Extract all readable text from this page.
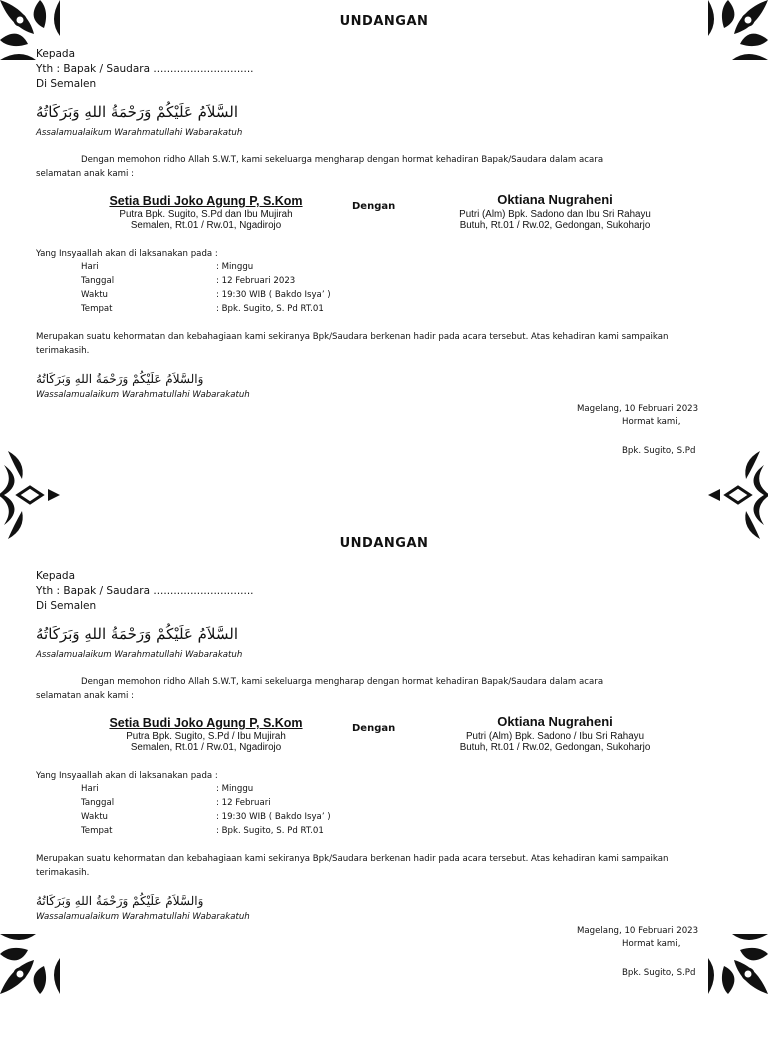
UNDANGAN
Kepada
Yth : Bapak / Saudara ..............................
Di Semalen
السَّلاَمُ عَلَيْكُمْ وَرَحْمَةُ اللهِ وَبَرَكَاتُهُ
Assalamualaikum Warahmatullahi Wabarakatuh
Dengan memohon ridho Allah S.W.T, kami sekeluarga mengharap dengan hormat kehadiran Bapak/Saudara dalam acara
selamatan anak kami :
Setia Budi Joko Agung P, S.Kom
Putra Bpk. Sugito, S.Pd dan Ibu Mujirah
Semalen, Rt.01 / Rw.01, Ngadirojo
Dengan	Oktiana Nugraheni
Putri (Alm) Bpk. Sadono dan Ibu Sri Rahayu
Butuh, Rt.01 / Rw.02, Gedongan, Sukoharjo
Yang Insyaallah akan di laksanakan pada :
Hari	: Minggu
Tanggal	: 12 Februari 2023
Waktu	: 19:30 WIB ( Bakdo Isya’ )
Tempat	: Bpk. Sugito, S. Pd RT.01
Merupakan suatu kehormatan dan kebahagiaan kami sekiranya Bpk/Saudara berkenan hadir pada acara tersebut. Atas kehadiran kami sampaikan
terimakasih.
وَالسَّلاَمُ عَلَيْكُمْ وَرَحْمَةُ اللهِ وَبَرَكَاتُهُ
Wassalamualaikum Warahmatullahi Wabarakatuh
Magelang, 10 Februari 2023
Hormat kami,
Bpk. Sugito, S.Pd
UNDANGAN
Kepada
Yth : Bapak / Saudara ..............................
Di Semalen
السَّلاَمُ عَلَيْكُمْ وَرَحْمَةُ اللهِ وَبَرَكَاتُهُ
Assalamualaikum Warahmatullahi Wabarakatuh
Dengan memohon ridho Allah S.W.T, kami sekeluarga mengharap dengan hormat kehadiran Bapak/Saudara dalam acara
selamatan anak kami :
Setia Budi Joko Agung P, S.Kom
Putra Bpk. Sugito, S.Pd / Ibu Mujirah
Semalen, Rt.01 / Rw.01, Ngadirojo
Dengan	Oktiana Nugraheni
Putri (Alm) Bpk. Sadono / Ibu Sri Rahayu
Butuh, Rt.01 / Rw.02, Gedongan, Sukoharjo
Yang Insyaallah akan di laksanakan pada :
Hari	: Minggu
Tanggal	: 12 Februari
Waktu	: 19:30 WIB ( Bakdo Isya’ )
Tempat	: Bpk. Sugito, S. Pd RT.01
Merupakan suatu kehormatan dan kebahagiaan kami sekiranya Bpk/Saudara berkenan hadir pada acara tersebut. Atas kehadiran kami sampaikan
terimakasih.
وَالسَّلاَمُ عَلَيْكُمْ وَرَحْمَةُ اللهِ وَبَرَكَاتُهُ
Wassalamualaikum Warahmatullahi Wabarakatuh
Magelang, 10 Februari 2023
Hormat kami,
Bpk. Sugito, S.Pd
